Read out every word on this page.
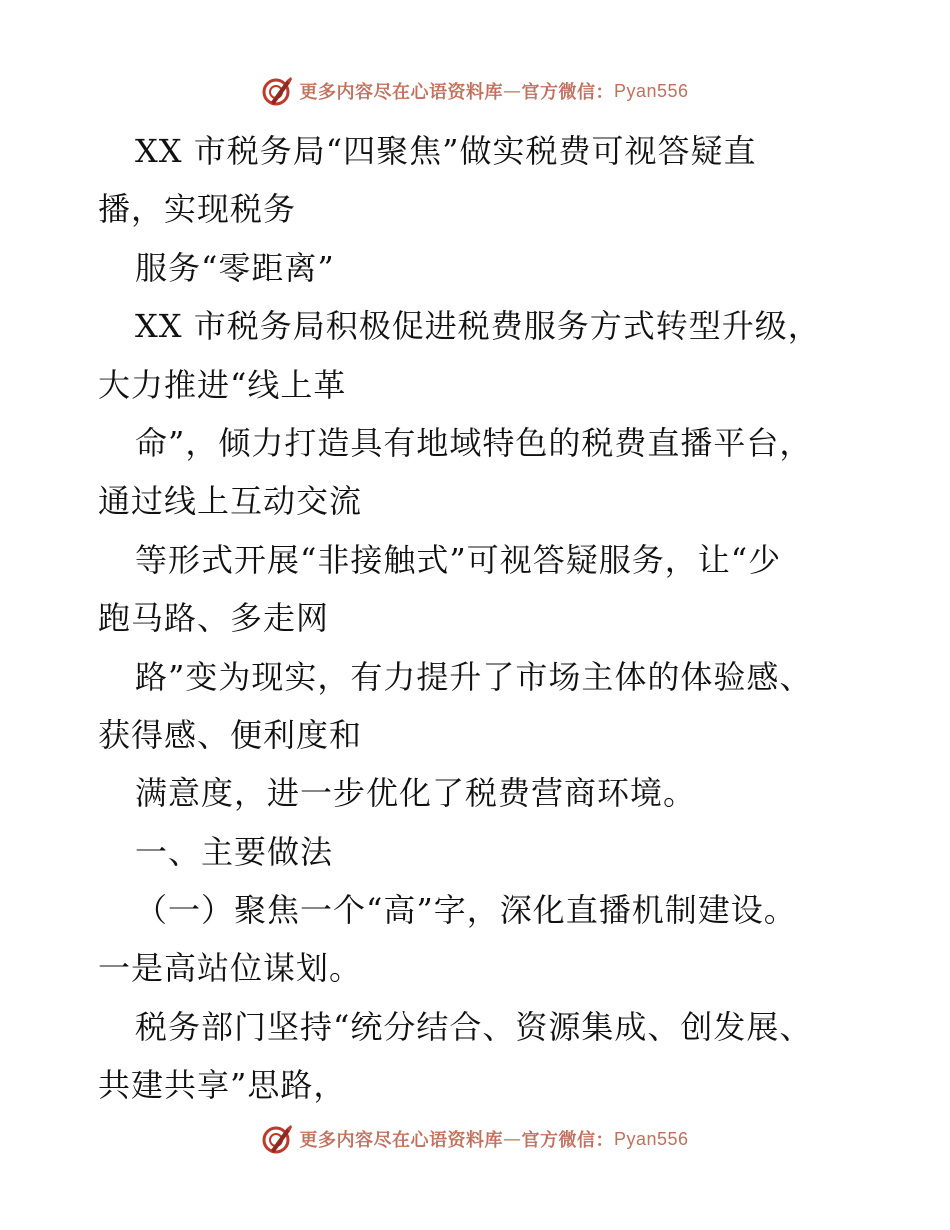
更多内容尽在心语资料库 — 官方微信： Pyan556
XX 市税务局“四聚焦”做实税费可视答疑直
播，实现税务
服务“零距离”
XX 市税务局积极促进税费服务方式转型升级，
大力推进“线上革
命”，倾力打造具有地域特色的税费直播平台，
通过线上互动交流
等形式开展“非接触式”可视答疑服务，让“少
跑马路、多走网
路”变为现实，有力提升了市场主体的体验感、
获得感、便利度和
满意度，进一步优化了税费营商环境。
一、主要做法
（一）聚焦一个“高”字，深化直播机制建设。
一是高站位谋划。
税务部门坚持“统分结合、资源集成、创发展、
共建共享”思路，
更多内容尽在心语资料库 — 官方微信： Pyan556
